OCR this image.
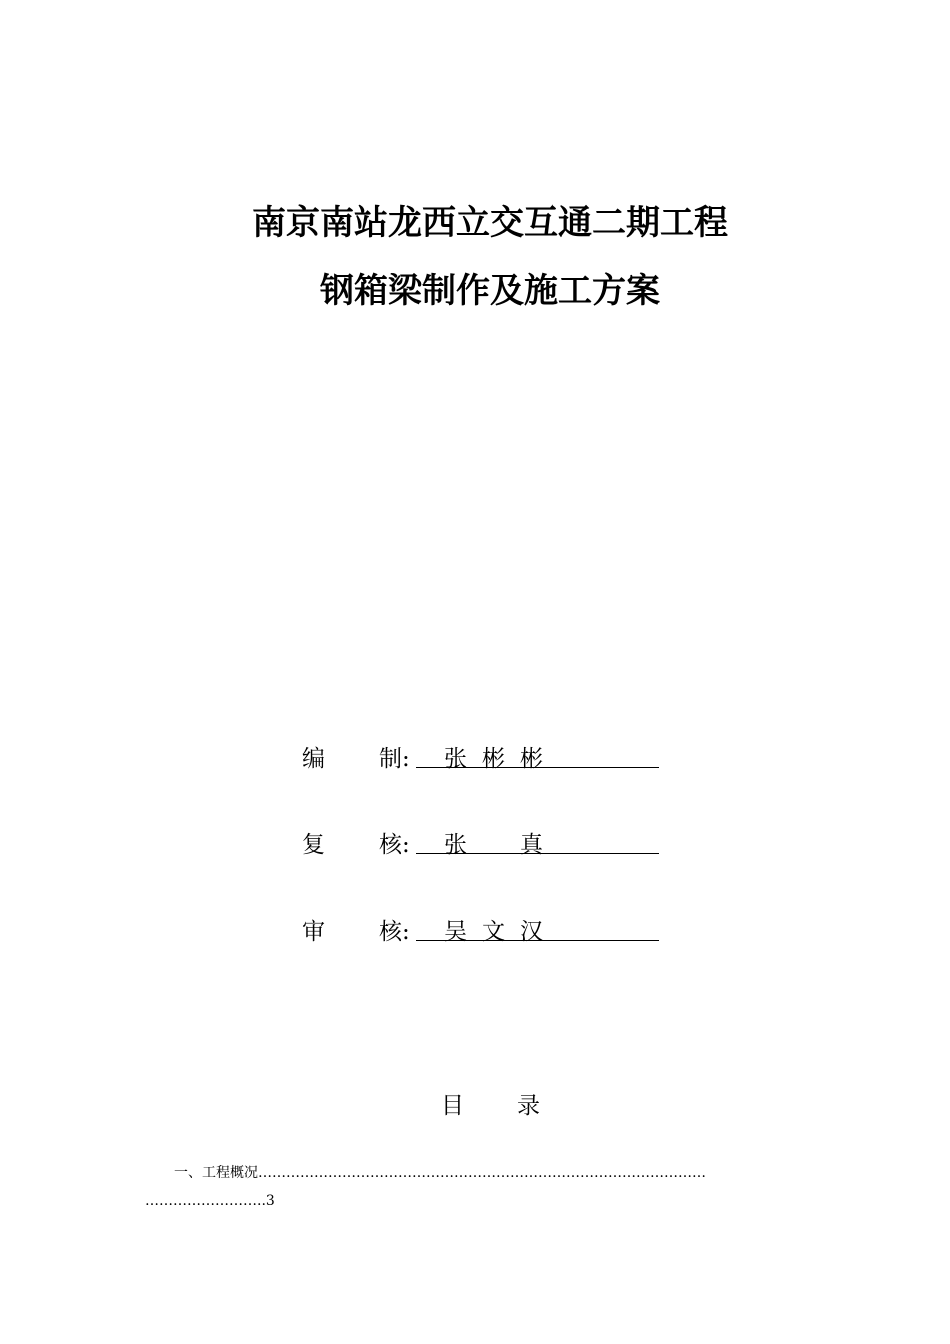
南京南站龙西立交互通二期工程
钢箱梁制作及施工方案
编 制: 张 彬 彬
复 核: 张 真
审 核: 吴 文 汉
目 录
一、工程概况……………………………………………………………………………………
……………………..3
